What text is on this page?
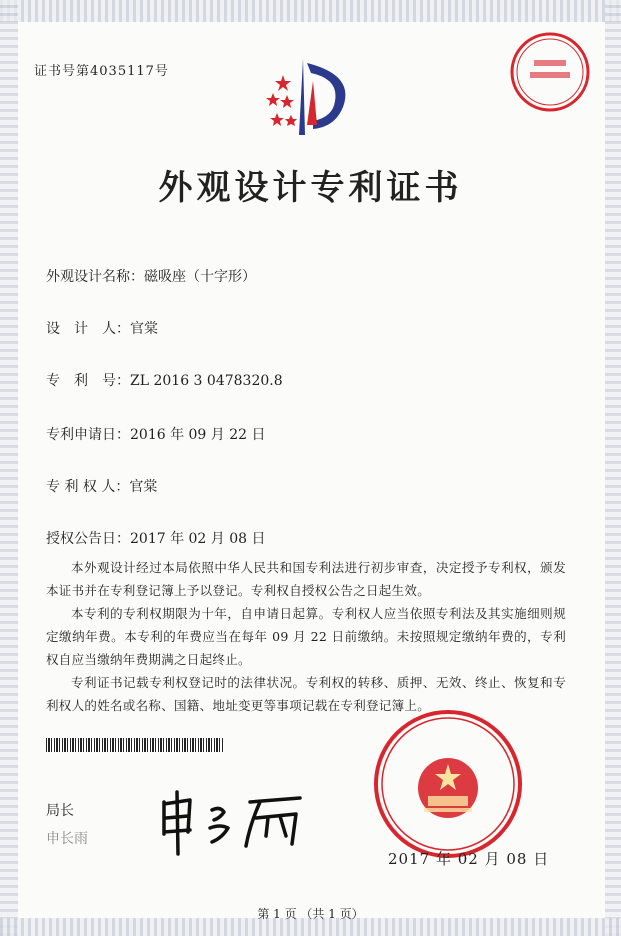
证书号第4035117号
外观设计专利证书
外观设计名称：磁吸座（十字形）
设　计　人：官棠
专　利　号：ZL 2016 3 0478320.8
专利申请日：2016 年 09 月 22 日
专 利 权 人：官棠
授权公告日：2017 年 02 月 08 日

本外观设计经过本局依照中华人民共和国专利法进行初步审查，决定授予专利权，颁发本证书并在专利登记簿上予以登记。专利权自授权公告之日起生效。

本专利的专利权期限为十年，自申请日起算。专利权人应当依照专利法及其实施细则规定缴纳年费。本专利的年费应当在每年 09 月 22 日前缴纳。未按照规定缴纳年费的，专利权自应当缴纳年费期满之日起终止。

专利证书记载专利权登记时的法律状况。专利权的转移、质押、无效、终止、恢复和专利权人的姓名或名称、国籍、地址变更等事项记载在专利登记簿上。

局长
申长雨
2017 年 02 月 08 日
第 1 页 （共 1 页）
